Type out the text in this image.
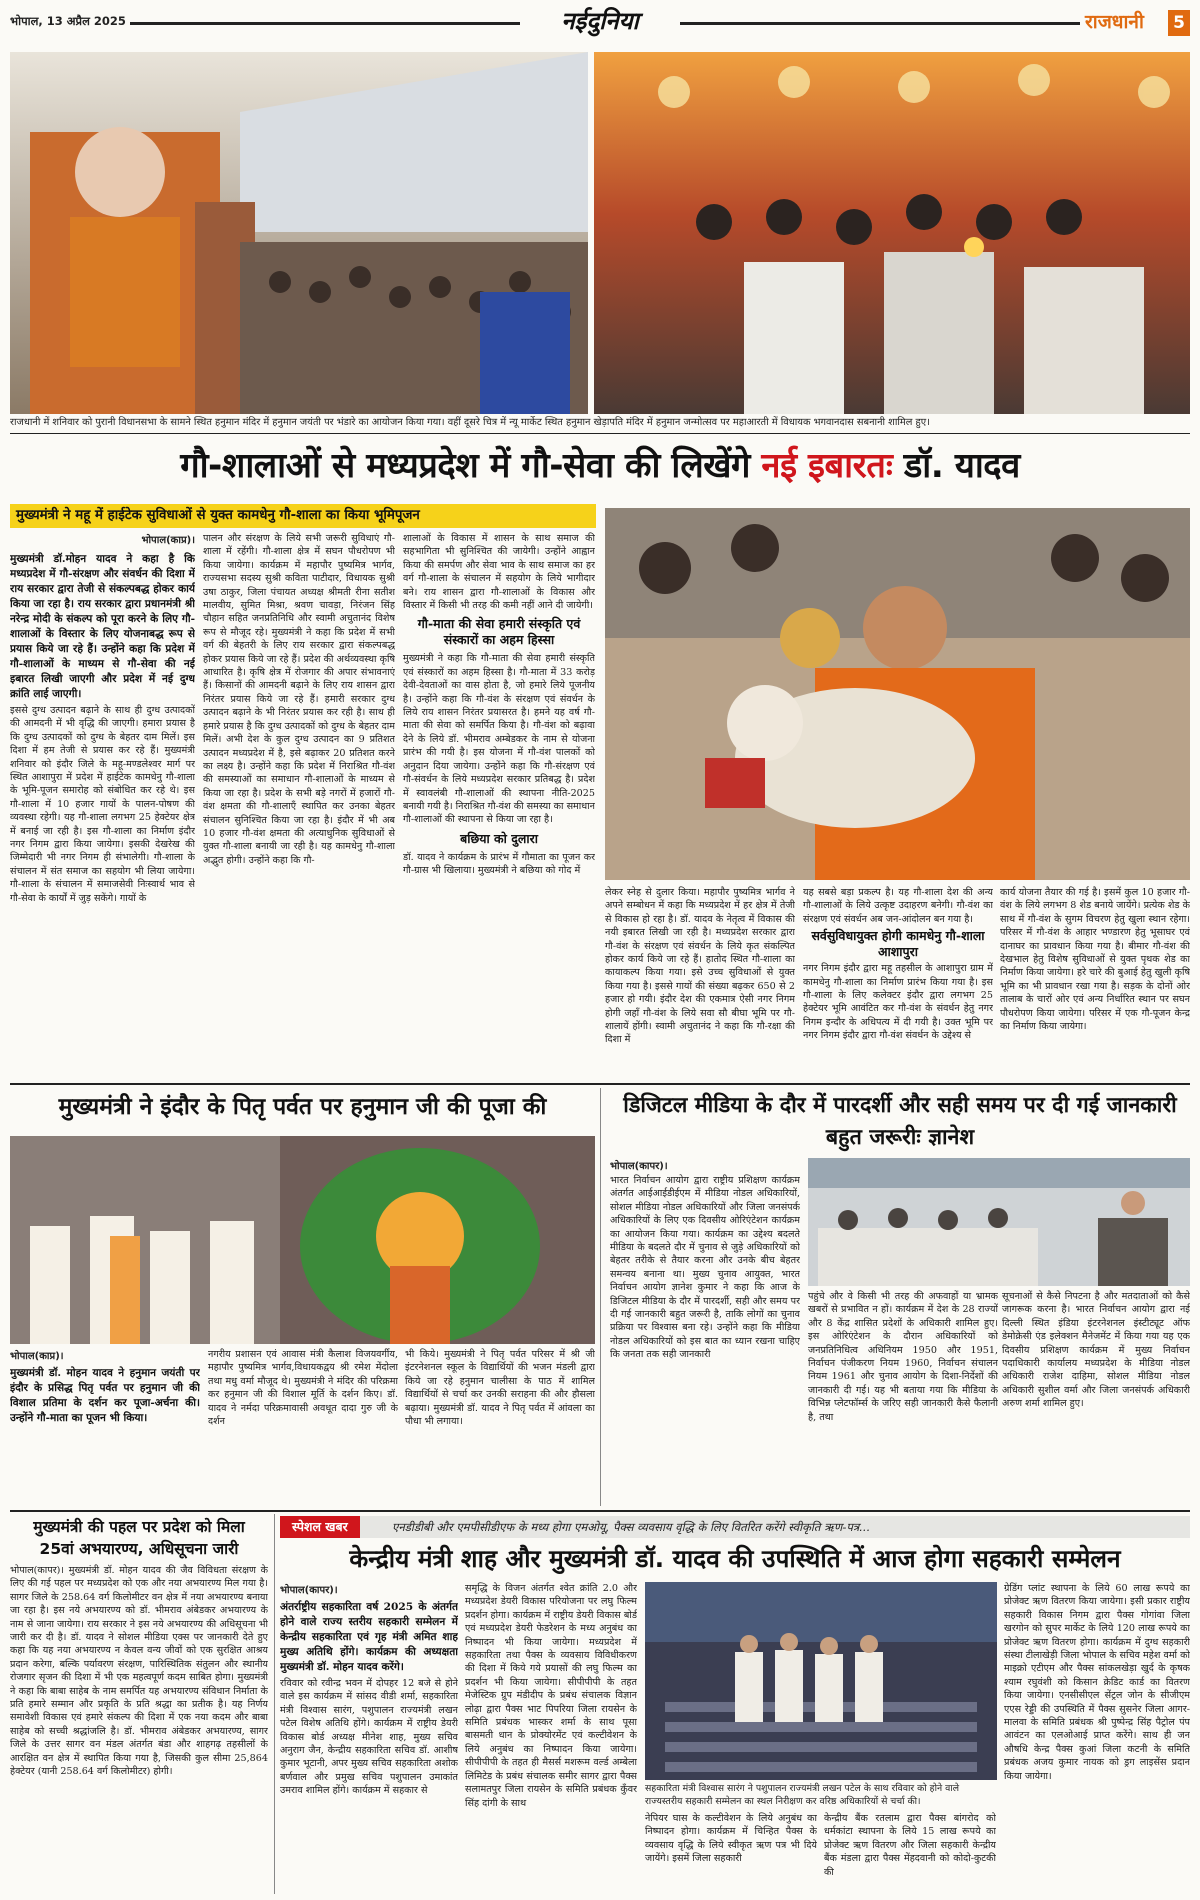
भोपाल, 13 अप्रैल 2025	नईदुनिया	राजधानी 5
राजधानी में शनिवार को पुरानी विधानसभा के सामने स्थित हनुमान मंदिर में हनुमान जयंती पर भंडारे का आयोजन किया गया। वहीं दूसरे चित्र में न्यू मार्केट स्थित हनुमान खेड़ापति मंदिर में हनुमान जन्मोत्सव पर महाआरती में विधायक भगवानदास सबनानी शामिल हुए।
गौ-शालाओं से मध्यप्रदेश में गौ-सेवा की लिखेंगे नई इबारतः डॉ. यादव
मुख्यमंत्री ने महू में हाईटेक सुविधाओं से युक्त कामधेनु गौ-शाला का किया भूमिपूजन
भोपाल(काप्र)।

मुख्यमंत्री डॉ.मोहन यादव ने कहा है कि मध्यप्रदेश में गौ-संरक्षण और संवर्धन की दिशा में राय सरकार द्वारा तेजी से संकल्पबद्ध होकर कार्य किया जा रहा है। राय सरकार द्वारा प्रधानमंत्री श्री नरेन्द्र मोदी के संकल्प को पूरा करने के लिए गौ-शालाओं के विस्तार के लिए योजनाबद्ध रूप से प्रयास किये जा रहे हैं। उन्होंने कहा कि प्रदेश में गौ-शालाओं के माध्यम से गौ-सेवा की नई इबारत लिखी जाएगी और प्रदेश में नई दुग्ध क्रांति लाई जाएगी।

इससे दुग्ध उत्पादन बढ़ाने के साथ ही दुग्ध उत्पादकों की आमदनी में भी वृद्धि की जाएगी। हमारा प्रयास है कि दुग्ध उत्पादकों को दुग्ध के बेहतर दाम मिलें। इस दिशा में हम तेजी से प्रयास कर रहे हैं। मुख्यमंत्री शनिवार को इंदौर जिले के महू-मण्डलेश्वर मार्ग पर स्थित आशापुरा में प्रदेश में हाईटेक कामधेनु गौ-शाला के भूमि-पूजन समारोह को संबोधित कर रहे थे। इस गौ-शाला में 10 हजार गायों के पालन-पोषण की व्यवस्था रहेगी। यह गौ-शाला लगभग 25 हेक्टेयर क्षेत्र में बनाई जा रही है। इस गौ-शाला का निर्माण इंदौर नगर निगम द्वारा किया जायेगा। इसकी देखरेख की जिम्मेदारी भी नगर निगम ही संभालेगी। गौ-शाला के संचालन में संत समाज का सहयोग भी लिया जायेगा। गौ-शाला के संचालन में समाजसेवी निःस्वार्थ भाव से गौ-सेवा के कार्यों में जुड़ सकेंगे। गायों के

पालन और संरक्षण के लिये सभी जरूरी सुविधाएं गौ-शाला में रहेंगी। गौ-शाला क्षेत्र में सघन पौधरोपण भी किया जायेगा। कार्यक्रम में महापौर पुष्यमित्र भार्गव, राज्यसभा सदस्य सुश्री कविता पाटीदार, विधायक सुश्री उषा ठाकुर, जिला पंचायत अध्यक्ष श्रीमती रीना सतीश मालवीय, सुमित मिश्रा, श्रवण चावड़ा, निरंजन सिंह चौहान सहित जनप्रतिनिधि और स्वामी अचुतानंद विशेष रूप से मौजूद रहे। मुख्यमंत्री ने कहा कि प्रदेश में सभी वर्ग की बेहतरी के लिए राय सरकार द्वारा संकल्पबद्ध होकर प्रयास किये जा रहे हैं। प्रदेश की अर्थव्यवस्था कृषि आधारित है। कृषि क्षेत्र में रोजगार की अपार संभावनाएं हैं। किसानों की आमदनी बढ़ाने के लिए राय शासन द्वारा निरंतर प्रयास किये जा रहे हैं। हमारी सरकार दुग्ध उत्पादन बढ़ाने के भी निरंतर प्रयास कर रही है। साथ ही हमारे प्रयास है कि दुग्ध उत्पादकों को दुग्ध के बेहतर दाम मिलें। अभी देश के कुल दुग्ध उत्पादन का 9 प्रतिशत उत्पादन मध्यप्रदेश में है, इसे बढ़ाकर 20 प्रतिशत करने का लक्ष्य है। उन्होंने कहा कि प्रदेश में निराश्रित गौ-वंश की समस्याओं का समाधान गौ-शालाओं के माध्यम से किया जा रहा है। प्रदेश के सभी बड़े नगरों में हजारों गौ-वंश क्षमता की गौ-शालाएँ स्थापित कर उनका बेहतर संचालन सुनिश्चित किया जा रहा है। इंदौर में भी अब 10 हजार गौ-वंश क्षमता की अत्याधुनिक सुविधाओं से युक्त गौ-शाला बनायी जा रही है। यह कामधेनु गौ-शाला अद्भुत होगी। उन्होंने कहा कि गौ-

शालाओं के विकास में शासन के साथ समाज की सहभागिता भी सुनिश्चित की जायेगी। उन्होंने आह्वान किया की समर्पण और सेवा भाव के साथ समाज का हर वर्ग गौ-शाला के संचालन में सहयोग के लिये भागीदार बने। राय शासन द्वारा गौ-शालाओं के विकास और विस्तार में किसी भी तरह की कमी नहीं आने दी जायेगी।

गौ-माता की सेवा हमारी संस्कृति एवं संस्कारों का अहम हिस्सा

मुख्यमंत्री ने कहा कि गौ-माता की सेवा हमारी संस्कृति एवं संस्कारों का अहम हिस्सा है। गौ-माता में 33 करोड़ देवी-देवताओं का वास होता है, जो हमारे लिये पूजनीय है। उन्होंने कहा कि गौ-वंश के संरक्षण एवं संवर्धन के लिये राय शासन निरंतर प्रयासरत है। हमने यह वर्ष गौ-माता की सेवा को समर्पित किया है। गौ-वंश को बढ़ावा देने के लिये डॉ. भीमराव अम्बेडकर के नाम से योजना प्रारंभ की गयी है। इस योजना में गौ-वंश पालकों को अनुदान दिया जायेगा। उन्होंने कहा कि गौ-संरक्षण एवं गौ-संवर्धन के लिये मध्यप्रदेश सरकार प्रतिबद्ध है। प्रदेश में स्वावलंबी गौ-शालाओं की स्थापना नीति-2025 बनायी गयी है। निराश्रित गौ-वंश की समस्या का समाधान गौ-शालाओं की स्थापना से किया जा रहा है।

बछिया को दुलारा

डॉ. यादव ने कार्यक्रम के प्रारंभ में गौमाता का पूजन कर गौ-ग्रास भी खिलाया। मुख्यमंत्री ने बछिया को गोद में

लेकर स्नेह से दुलार किया। महापौर पुष्यमित्र भार्गव ने अपने सम्बोधन में कहा कि मध्यप्रदेश में हर क्षेत्र में तेजी से विकास हो रहा है। डॉ. यादव के नेतृत्व में विकास की नयी इबारत लिखी जा रही है। मध्यप्रदेश सरकार द्वारा गौ-वंश के संरक्षण एवं संवर्धन के लिये कृत संकल्पित होकर कार्य किये जा रहे हैं। हातोद स्थित गौ-शाला का कायाकल्प किया गया। इसे उच्च सुविधाओं से युक्त किया गया है। इससे गायों की संख्या बढ़कर 650 से 2 हजार हो गयी। इंदौर देश की एकमात्र ऐसी नगर निगम होगी जहाँ गौ-वंश के लिये सवा सौ बीघा भूमि पर गौ-शालायें होंगी। स्वामी अचुतानंद ने कहा कि गौ-रक्षा की दिशा में

यह सबसे बड़ा प्रकल्प है। यह गौ-शाला देश की अन्य गौ-शालाओं के लिये उत्कृष्ट उदाहरण बनेगी। गौ-वंश का संरक्षण एवं संवर्धन अब जन-आंदोलन बन गया है।

सर्वसुविधायुक्त होगी कामधेनु गौ-शाला आशापुरा

नगर निगम इंदौर द्वारा महू तहसील के आशापुरा ग्राम में कामधेनु गौ-शाला का निर्माण प्रारंभ किया गया है। इस गौ-शाला के लिए कलेक्टर इंदौर द्वारा लगभग 25 हेक्टेयर भूमि आवंटित कर गौ-वंश के संवर्धन हेतु नगर निगम इन्दौर के अधिपत्य में दी गयी है। उक्त भूमि पर नगर निगम इंदौर द्वारा गौ-वंश संवर्धन के उद्देश्य से

कार्य योजना तैयार की गई है। इसमें कुल 10 हजार गौ-वंश के लिये लगभग 8 शेड बनाये जायेंगे। प्रत्येक शेड के साथ में गौ-वंश के सुगम विचरण हेतु खुला स्थान रहेगा। परिसर में गौ-वंश के आहार भण्डारण हेतु भूसाघर एवं दानाघर का प्रावधान किया गया है। बीमार गौ-वंश की देखभाल हेतु विशेष सुविधाओं से युक्त पृथक शेड का निर्माण किया जायेगा। हरे चारे की बुआई हेतु खुली कृषि भूमि का भी प्रावधान रखा गया है। सड़क के दोनों ओर तालाब के चारों ओर एवं अन्य निर्धारित स्थान पर सघन पौधरोपण किया जायेगा। परिसर में एक गौ-पूजन केन्द्र का निर्माण किया जायेगा।

मुख्यमंत्री ने इंदौर के पितृ पर्वत पर हनुमान जी की पूजा की
भोपाल(काप्र)।

मुख्यमंत्री डॉ. मोहन यादव ने हनुमान जयंती पर इंदौर के प्रसिद्ध पितृ पर्वत पर हनुमान जी की विशाल प्रतिमा के दर्शन कर पूजा-अर्चना की। उन्होंने गौ-माता का पूजन भी किया।

नगरीय प्रशासन एवं आवास मंत्री कैलाश विजयवर्गीय, महापौर पुष्यमित्र भार्गव,विधायकद्वय श्री रमेश मेंदोला तथा मधु वर्मा मौजूद थे। मुख्यमंत्री ने मंदिर की परिक्रमा कर हनुमान जी की विशाल मूर्ति के दर्शन किए। डॉ. यादव ने नर्मदा परिक्रमावासी अवधूत दादा गुरु जी के दर्शन

भी किये। मुख्यमंत्री ने पितृ पर्वत परिसर में श्री जी इंटरनेशनल स्कूल के विद्यार्थियों की भजन मंडली द्वारा किये जा रहे हनुमान चालीसा के पाठ में शामिल विद्यार्थियों से चर्चा कर उनकी सराहना की और हौसला बढ़ाया। मुख्यमंत्री डॉ. यादव ने पितृ पर्वत में आंवला का पौधा भी लगाया।

डिजिटल मीडिया के दौर में पारदर्शी और सही समय पर दी गई जानकारी बहुत जरूरीः ज्ञानेश
भोपाल(कापर)।

भारत निर्वाचन आयोग द्वारा राष्ट्रीय प्रशिक्षण कार्यक्रम अंतर्गत आईआईडीईएम में मीडिया नोडल अधिकारियों, सोशल मीडिया नोडल अधिकारियों और जिला जनसंपर्क अधिकारियों के लिए एक दिवसीय ओरिएंटेशन कार्यक्रम का आयोजन किया गया। कार्यक्रम का उद्देश्य बदलते मीडिया के बदलते दौर में चुनाव से जुड़े अधिकारियों को बेहतर तरीके से तैयार करना और उनके बीच बेहतर समन्वय बनाना था। मुख्य चुनाव आयुक्त, भारत निर्वाचन आयोग ज्ञानेश कुमार ने कहा कि आज के डिजिटल मीडिया के दौर में पारदर्शी, सही और समय पर दी गई जानकारी बहुत जरूरी है, ताकि लोगों का चुनाव प्रक्रिया पर विश्वास बना रहे। उन्होंने कहा कि मीडिया नोडल अधिकारियों को इस बात का ध्यान रखना चाहिए कि जनता तक सही जानकारी

पहुंचे और वे किसी भी तरह की अफवाहों या भ्रामक खबरों से प्रभावित न हों। कार्यक्रम में देश के 28 राज्यों और 8 केंद्र शासित प्रदेशों के अधिकारी शामिल हुए। इस ओरिएंटेशन के दौरान अधिकारियों को जनप्रतिनिधित्व अधिनियम 1950 और 1951, निर्वाचन पंजीकरण नियम 1960, निर्वाचन संचालन नियम 1961 और चुनाव आयोग के दिशा-निर्देशों की जानकारी दी गई। यह भी बताया गया कि मीडिया के विभिन्न प्लेटफॉर्म्स के जरिए सही जानकारी कैसे फैलानी है, तथा

सूचनाओं से कैसे निपटना है और मतदाताओं को कैसे जागरूक करना है। भारत निर्वाचन आयोग द्वारा नई दिल्ली स्थित इंडिया इंटरनेशनल इंस्टीट्यूट ऑफ डेमोक्रेसी एंड इलेक्शन मैनेजमेंट में किया गया यह एक दिवसीय प्रशिक्षण कार्यक्रम में मुख्य निर्वाचन पदाधिकारी कार्यालय मध्यप्रदेश के मीडिया नोडल अधिकारी राजेश दाहिमा, सोशल मीडिया नोडल अधिकारी सुशील वर्मा और जिला जनसंपर्क अधिकारी अरुण शर्मा शामिल हुए।

मुख्यमंत्री की पहल पर प्रदेश को मिला
25वां अभयारण्य, अधिसूचना जारी

भोपाल(कापर)। मुख्यमंत्री डॉ. मोहन यादव की जैव विविधता संरक्षण के लिए की गई पहल पर मध्यप्रदेश को एक और नया अभयारण्य मिल गया है। सागर जिले के 258.64 वर्ग किलोमीटर वन क्षेत्र में नया अभयारण्य बनाया जा रहा है। इस नये अभयारण्य को डॉ. भीमराव अंबेडकर अभयारण्य के नाम से जाना जायेगा। राय सरकार ने इस नये अभयारण्य की अधिसूचना भी जारी कर दी है। डॉ. यादव ने सोशल मीडिया एक्स पर जानकारी देते हुए कहा कि यह नया अभयारण्य न केवल वन्य जीवों को एक सुरक्षित आश्रय प्रदान करेगा, बल्कि पर्यावरण संरक्षण, पारिस्थितिक संतुलन और स्थानीय रोजगार सृजन की दिशा में भी एक महत्वपूर्ण कदम साबित होगा। मुख्यमंत्री ने कहा कि बाबा साहेब के नाम समर्पित यह अभयारण्य संविधान निर्माता के प्रति हमारे सम्मान और प्रकृति के प्रति श्रद्धा का प्रतीक है। यह निर्णय समावेशी विकास एवं हमारे संकल्प की दिशा में एक नया कदम और बाबा साहेब को सच्ची श्रद्धांजलि है। डॉ. भीमराव अंबेडकर अभयारण्य, सागर जिले के उत्तर सागर वन मंडल अंतर्गत बंडा और शाहगढ़ तहसीलों के आरक्षित वन क्षेत्र में स्थापित किया गया है, जिसकी कुल सीमा 25,864 हेक्टेयर (यानी 258.64 वर्ग किलोमीटर) होगी।

स्पेशल खबर	एनडीडीबी और एमपीसीडीएफ के मध्य होगा एमओयू, पैक्स व्यवसाय वृद्धि के लिए वितरित करेंगे स्वीकृति ऋण-पत्र...
केन्द्रीय मंत्री शाह और मुख्यमंत्री डॉ. यादव की उपस्थिति में आज होगा सहकारी सम्मेलन
भोपाल(कापर)।

अंतर्राष्ट्रीय सहकारिता वर्ष 2025 के अंतर्गत होने वाले राज्य स्तरीय सहकारी सम्मेलन में केन्द्रीय सहकारिता एवं गृह मंत्री अमित शाह मुख्य अतिथि होंगे। कार्यक्रम की अध्यक्षता मुख्यमंत्री डॉ. मोहन यादव करेंगे।

रविवार को रवीन्द्र भवन में दोपहर 12 बजे से होने वाले इस कार्यक्रम में सांसद वीडी शर्मा, सहकारिता मंत्री विश्वास सारंग, पशुपालन राज्यमंत्री लखन पटेल विशेष अतिथि होंगे। कार्यक्रम में राष्ट्रीय डेयरी विकास बोर्ड अध्यक्ष मीनेश शाह, मुख्य सचिव अनुराग जैन, केन्द्रीय सहकारिता सचिव डॉ. आशीष कुमार भूटानी, अपर मुख्य सचिव सहकारिता अशोक बर्णवाल और प्रमुख सचिव पशुपालन उमाकांत उमराव शामिल होंगे। कार्यक्रम में सहकार से

समृद्धि के विजन अंतर्गत श्वेत क्रांति 2.0 और मध्यप्रदेश डेयरी विकास परियोजना पर लघु फिल्म प्रदर्शन होगा। कार्यक्रम में राष्ट्रीय डेयरी विकास बोर्ड एवं मध्यप्रदेश डेयरी फेडरेशन के मध्य अनुबंध का निष्पादन भी किया जायेगा। मध्यप्रदेश में सहकारिता तथा पैक्स के व्यवसाय विविधीकरण की दिशा में किये गये प्रयासों की लघु फिल्म का प्रदर्शन भी किया जायेगा। सीपीपीपी के तहत मेजेस्टिक ग्रुप मंडीदीप के प्रबंध संचालक विज्ञान लोढ़ा द्वारा पैक्स भाट पिपरिया जिला रायसेन के समिति प्रबंधक भास्कर शर्मा के साथ पूसा बासमती धान के प्रोक्योरमेंट एवं कल्टीवेशन के लिये अनुबंध का निष्पादन किया जायेगा। सीपीपीपी के तहत ही मैसर्स मशरूम वर्ल्ड अम्बेला लिमिटेड के प्रबंध संचालक समीर सागर द्वारा पैक्स सलामतपुर जिला रायसेन के समिति प्रबंधक कुँवर सिंह दांगी के साथ

सहकारिता मंत्री विश्वास सारंग ने पशुपालन राज्यमंत्री लखन पटेल के साथ रविवार को होने वाले राज्यस्तरीय सहकारी सम्मेलन का स्थल निरीक्षण कर वरिष्ठ अधिकारियों से चर्चा की।

नेपियर घास के कल्टीवेशन के लिये अनुबंध का निष्पादन होगा। कार्यक्रम में चिन्हित पैक्स के व्यवसाय वृद्धि के लिये स्वीकृत ऋण पत्र भी दिये जायेंगे। इसमें जिला सहकारी

केन्द्रीय बैंक रतलाम द्वारा पैक्स बांगरोद को धर्मकांटा स्थापना के लिये 15 लाख रूपये का प्रोजेक्ट ऋण वितरण और जिला सहकारी केन्द्रीय बैंक मंडला द्वारा पैक्स मेंहदवानी को कोदो-कुटकी की

ग्रेडिंग प्लांट स्थापना के लिये 60 लाख रूपये का प्रोजेक्ट ऋण वितरण किया जायेगा। इसी प्रकार राष्ट्रीय सहकारी विकास निगम द्वारा पैक्स गोगांवा जिला खरगोन को सुपर मार्केट के लिये 120 लाख रूपये का प्रोजेक्ट ऋण वितरण होगा। कार्यक्रम में दुग्ध सहकारी संस्था टीलाखेड़ी जिला भोपाल के सचिव महेश वर्मा को माइक्रो एटीएम और पैक्स सांकलखेड़ा खुर्द के कृषक श्याम रघुवंशी को किसान क्रेडिट कार्ड का वितरण किया जायेगा। एनसीसीएल सेंट्रल जोन के सीजीएम एएस रेड्डी की उपस्थिति में पैक्स सुसनेर जिला आगर-मालवा के समिति प्रबंधक श्री पुष्पेन्द्र सिंह पैट्रोल पंप आवंटन का एलओआई प्राप्त करेंगे। साथ ही जन औषधि केन्द्र पैक्स कुआं जिला कटनी के समिति प्रबंधक अजय कुमार नायक को ड्रग लाइसेंस प्रदान किया जायेगा।
